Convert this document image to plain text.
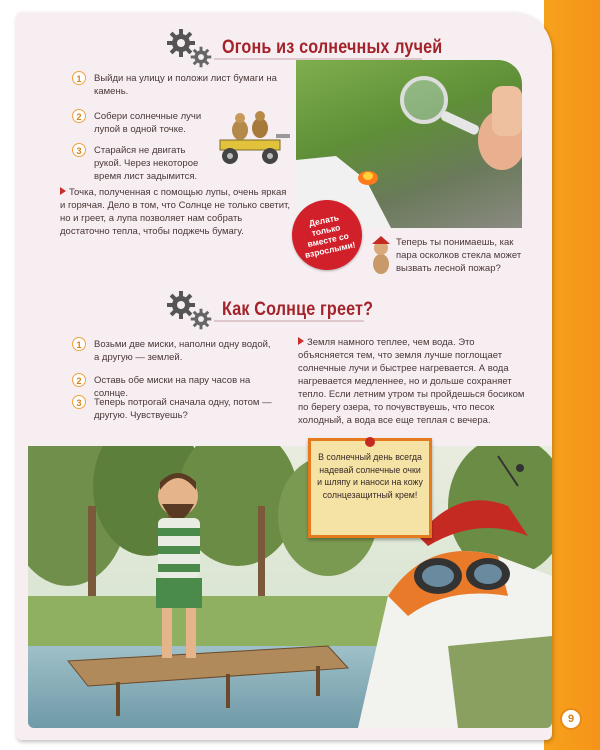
Огонь из солнечных лучей
1	Выйди на улицу и положи лист бумаги на камень.
2	Собери солнечные лучи лупой в одной точке.
3	Старайся не двигать рукой. Через некоторое время лист задымится.
Точка, полученная с помощью лупы, очень яркая и горячая. Дело в том, что Солнце не только светит, но и греет, а лупа позволяет нам собрать достаточно тепла, чтобы поджечь бумагу.
Делать только вместе со взрослыми!	Теперь ты понимаешь, как пара осколков стекла может вызвать лесной пожар?
Как Солнце греет?
1	Возьми две миски, наполни одну водой, а другую — землей.
2	Оставь обе миски на пару часов на солнце.
3	Теперь потрогай сначала одну, потом — другую. Чувствуешь?
Земля намного теплее, чем вода. Это объясняется тем, что земля лучше поглощает солнечные лучи и быстрее нагревается. А вода нагревается медленнее, но и дольше сохраняет тепло. Если летним утром ты пройдешься босиком по берегу озера, то почувствуешь, что песок холодный, а вода все еще теплая с вечера.
В солнечный день всегда надевай солнечные очки и шляпу и наноси на кожу солнцезащитный крем!
9
